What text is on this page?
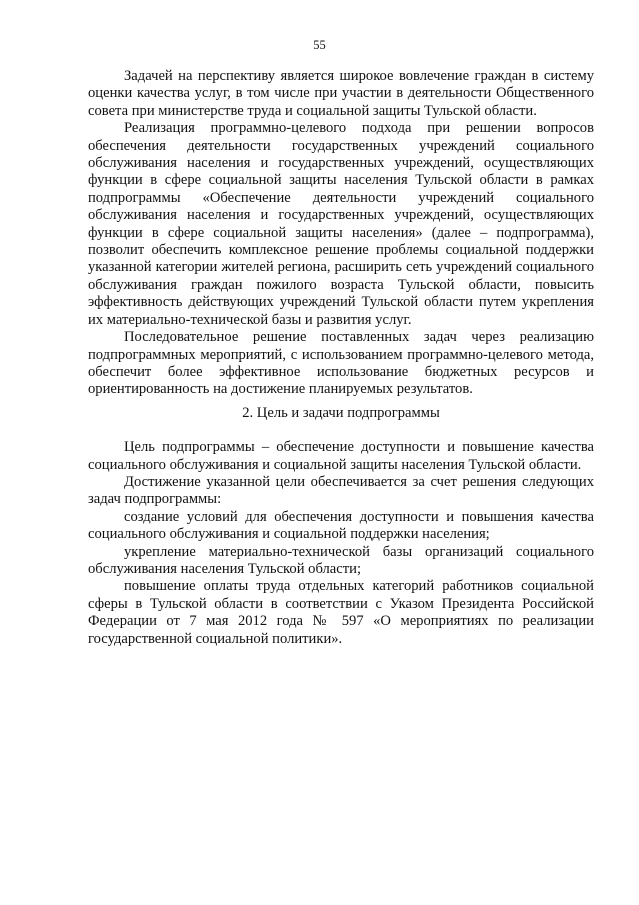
55

Задачей на перспективу является широкое вовлечение граждан в систему оценки качества услуг, в том числе при участии в деятельности Общественного совета при министерстве труда и социальной защиты Тульской области.

Реализация программно-целевого подхода при решении вопросов обеспечения деятельности государственных учреждений социального обслуживания населения и государственных учреждений, осуществляющих функции в сфере социальной защиты населения Тульской области в рамках подпрограммы «Обеспечение деятельности учреждений социального обслуживания населения и государственных учреждений, осуществляющих функции в сфере социальной защиты населения» (далее – подпрограмма), позволит обеспечить комплексное решение проблемы социальной поддержки указанной категории жителей региона, расширить сеть учреждений социального обслуживания граждан пожилого возраста Тульской области, повысить эффективность действующих учреждений Тульской области путем укрепления их материально-технической базы и развития услуг.

Последовательное решение поставленных задач через реализацию подпрограммных мероприятий, с использованием программно-целевого метода, обеспечит более эффективное использование бюджетных ресурсов и ориентированность на достижение планируемых результатов.

2. Цель и задачи подпрограммы

Цель подпрограммы – обеспечение доступности и повышение качества социального обслуживания и социальной защиты населения Тульской области.

Достижение указанной цели обеспечивается за счет решения следующих задач подпрограммы:

создание условий для обеспечения доступности и повышения качества социального обслуживания и социальной поддержки населения;

укрепление материально-технической базы организаций социального обслуживания населения Тульской области;

повышение оплаты труда отдельных категорий работников социальной сферы в Тульской области в соответствии с Указом Президента Российской Федерации от 7 мая 2012 года № 597 «О мероприятиях по реализации государственной социальной политики».
